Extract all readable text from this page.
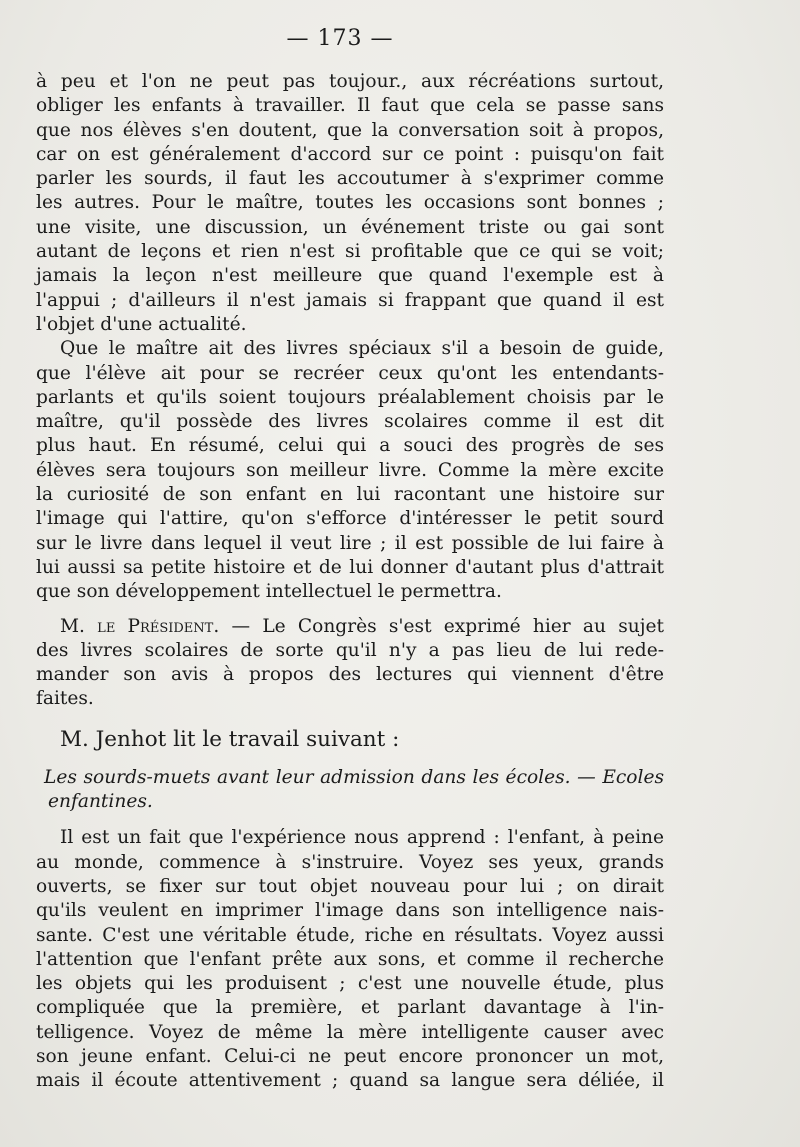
— 173 —
à peu et l'on ne peut pas toujour., aux récréations surtout,
obliger les enfants à travailler. Il faut que cela se passe sans
que nos élèves s'en doutent, que la conversation soit à propos,
car on est généralement d'accord sur ce point : puisqu'on fait
parler les sourds, il faut les accoutumer à s'exprimer comme
les autres. Pour le maître, toutes les occasions sont bonnes ;
une visite, une discussion, un événement triste ou gai sont
autant de leçons et rien n'est si profitable que ce qui se voit;
jamais la leçon n'est meilleure que quand l'exemple est à
l'appui ; d'ailleurs il n'est jamais si frappant que quand il est
l'objet d'une actualité.
Que le maître ait des livres spéciaux s'il a besoin de guide,
que l'élève ait pour se recréer ceux qu'ont les entendants-
parlants et qu'ils soient toujours préalablement choisis par le
maître, qu'il possède des livres scolaires comme il est dit
plus haut. En résumé, celui qui a souci des progrès de ses
élèves sera toujours son meilleur livre. Comme la mère excite
la curiosité de son enfant en lui racontant une histoire sur
l'image qui l'attire, qu'on s'efforce d'intéresser le petit sourd
sur le livre dans lequel il veut lire ; il est possible de lui faire à
lui aussi sa petite histoire et de lui donner d'autant plus d'attrait
que son développement intellectuel le permettra.
M. le Président. — Le Congrès s'est exprimé hier au sujet
des livres scolaires de sorte qu'il n'y a pas lieu de lui rede-
mander son avis à propos des lectures qui viennent d'être
faites.
M. Jenhot lit le travail suivant :
Les sourds-muets avant leur admission dans les écoles. — Ecoles
enfantines.
Il est un fait que l'expérience nous apprend : l'enfant, à peine
au monde, commence à s'instruire. Voyez ses yeux, grands
ouverts, se fixer sur tout objet nouveau pour lui ; on dirait
qu'ils veulent en imprimer l'image dans son intelligence nais-
sante. C'est une véritable étude, riche en résultats. Voyez aussi
l'attention que l'enfant prête aux sons, et comme il recherche
les objets qui les produisent ; c'est une nouvelle étude, plus
compliquée que la première, et parlant davantage à l'in-
telligence. Voyez de même la mère intelligente causer avec
son jeune enfant. Celui-ci ne peut encore prononcer un mot,
mais il écoute attentivement ; quand sa langue sera déliée, il
